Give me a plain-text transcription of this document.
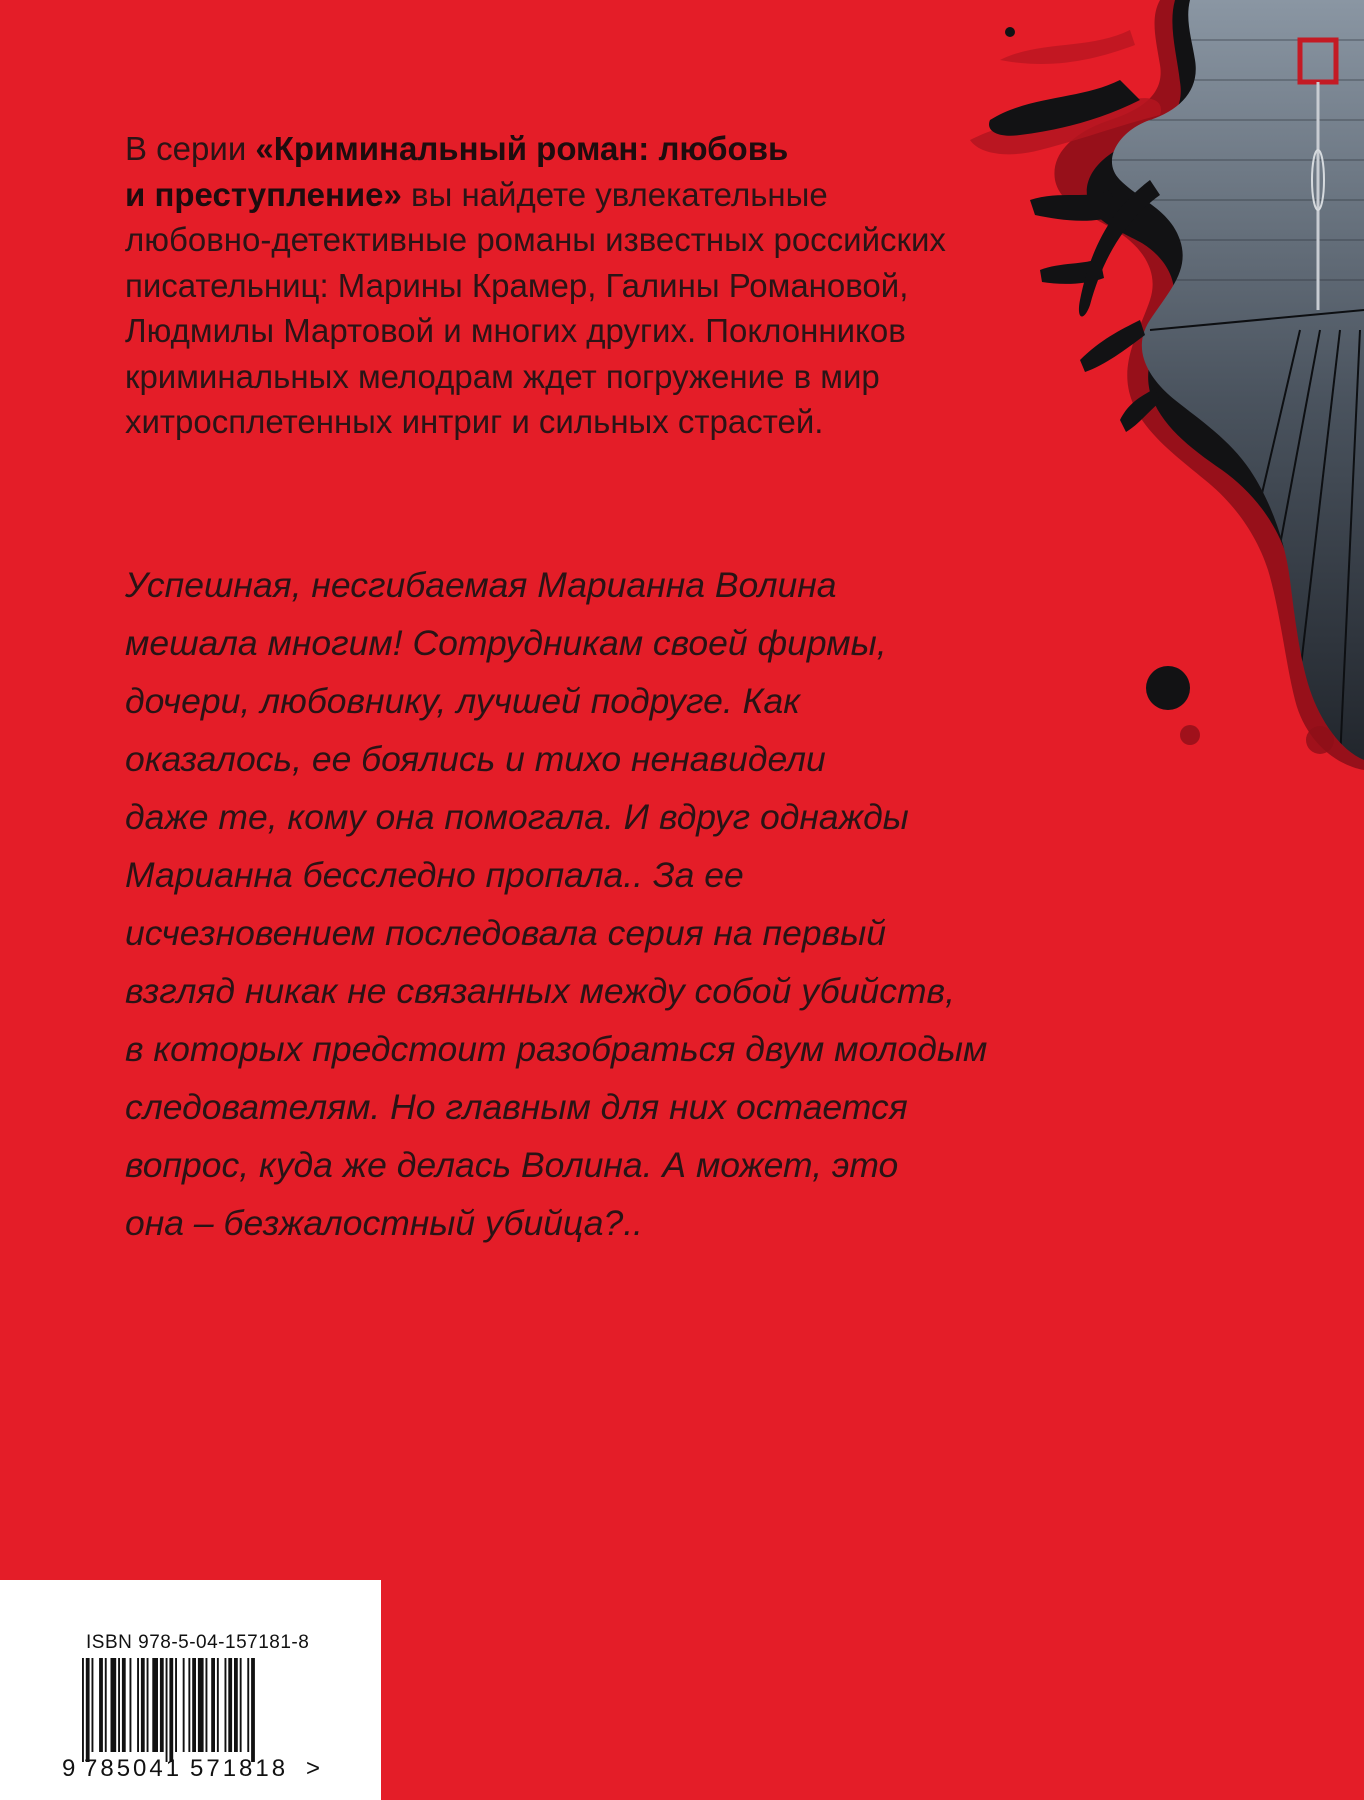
В серии «Криминальный роман: любовь
и преступление» вы найдете увлекательные
любовно-детективные романы известных российских
писательниц: Марины Крамер, Галины Романовой,
Людмилы Мартовой и многих других. Поклонников
криминальных мелодрам ждет погружение в мир
хитросплетенных интриг и сильных страстей.
Успешная, несгибаемая Марианна Волина
мешала многим! Сотрудникам своей фирмы,
дочери, любовнику, лучшей подруге. Как
оказалось, ее боялись и тихо ненавидели
даже те, кому она помогала. И вдруг однажды
Марианна бесследно пропала.. За ее
исчезновением последовала серия на первый
взгляд никак не связанных между собой убийств,
в которых предстоит разобраться двум молодым
следователям. Но главным для них остается
вопрос, куда же делась Волина. А может, это
она – безжалостный убийца?..
ISBN 978-5-04-157181-8
9 785041 571818 >
